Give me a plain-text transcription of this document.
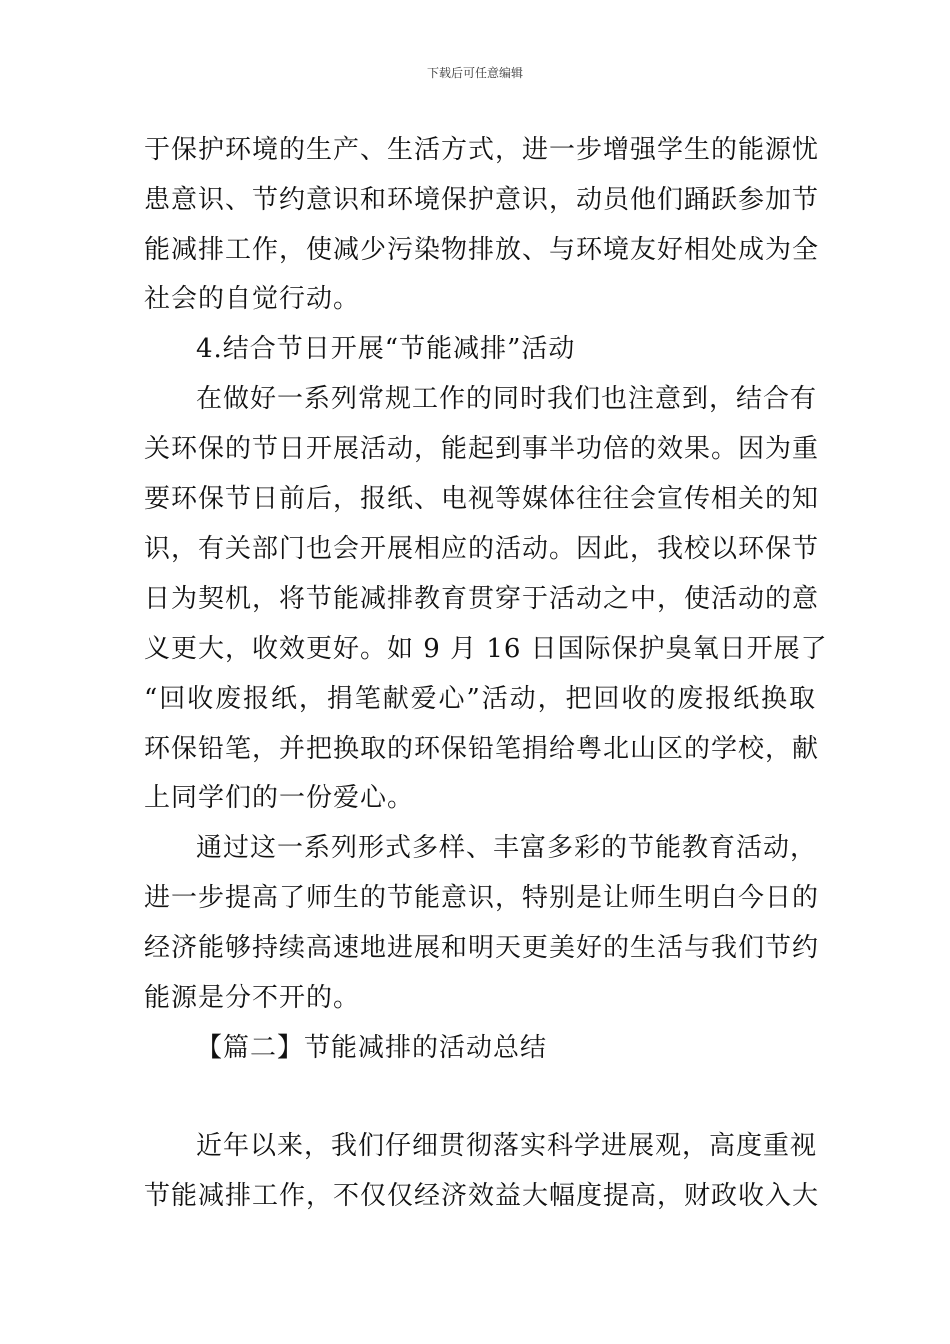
下载后可任意编辑
于保护环境的生产、生活方式，进一步增强学生的能源忧
患意识、节约意识和环境保护意识，动员他们踊跃参加节
能减排工作，使减少污染物排放、与环境友好相处成为全
社会的自觉行动。
4.结合节日开展“节能减排”活动
在做好一系列常规工作的同时我们也注意到，结合有
关环保的节日开展活动，能起到事半功倍的效果。因为重
要环保节日前后，报纸、电视等媒体往往会宣传相关的知
识，有关部门也会开展相应的活动。因此，我校以环保节
日为契机，将节能减排教育贯穿于活动之中，使活动的意
义更大，收效更好。如 9 月 16 日国际保护臭氧日开展了
“回收废报纸，捐笔献爱心”活动，把回收的废报纸换取
环保铅笔，并把换取的环保铅笔捐给粤北山区的学校，献
上同学们的一份爱心。
通过这一系列形式多样、丰富多彩的节能教育活动，
进一步提高了师生的节能意识，特别是让师生明白今日的
经济能够持续高速地进展和明天更美好的生活与我们节约
能源是分不开的。
【篇二】节能减排的活动总结
近年以来，我们仔细贯彻落实科学进展观，高度重视
节能减排工作，不仅仅经济效益大幅度提高，财政收入大
